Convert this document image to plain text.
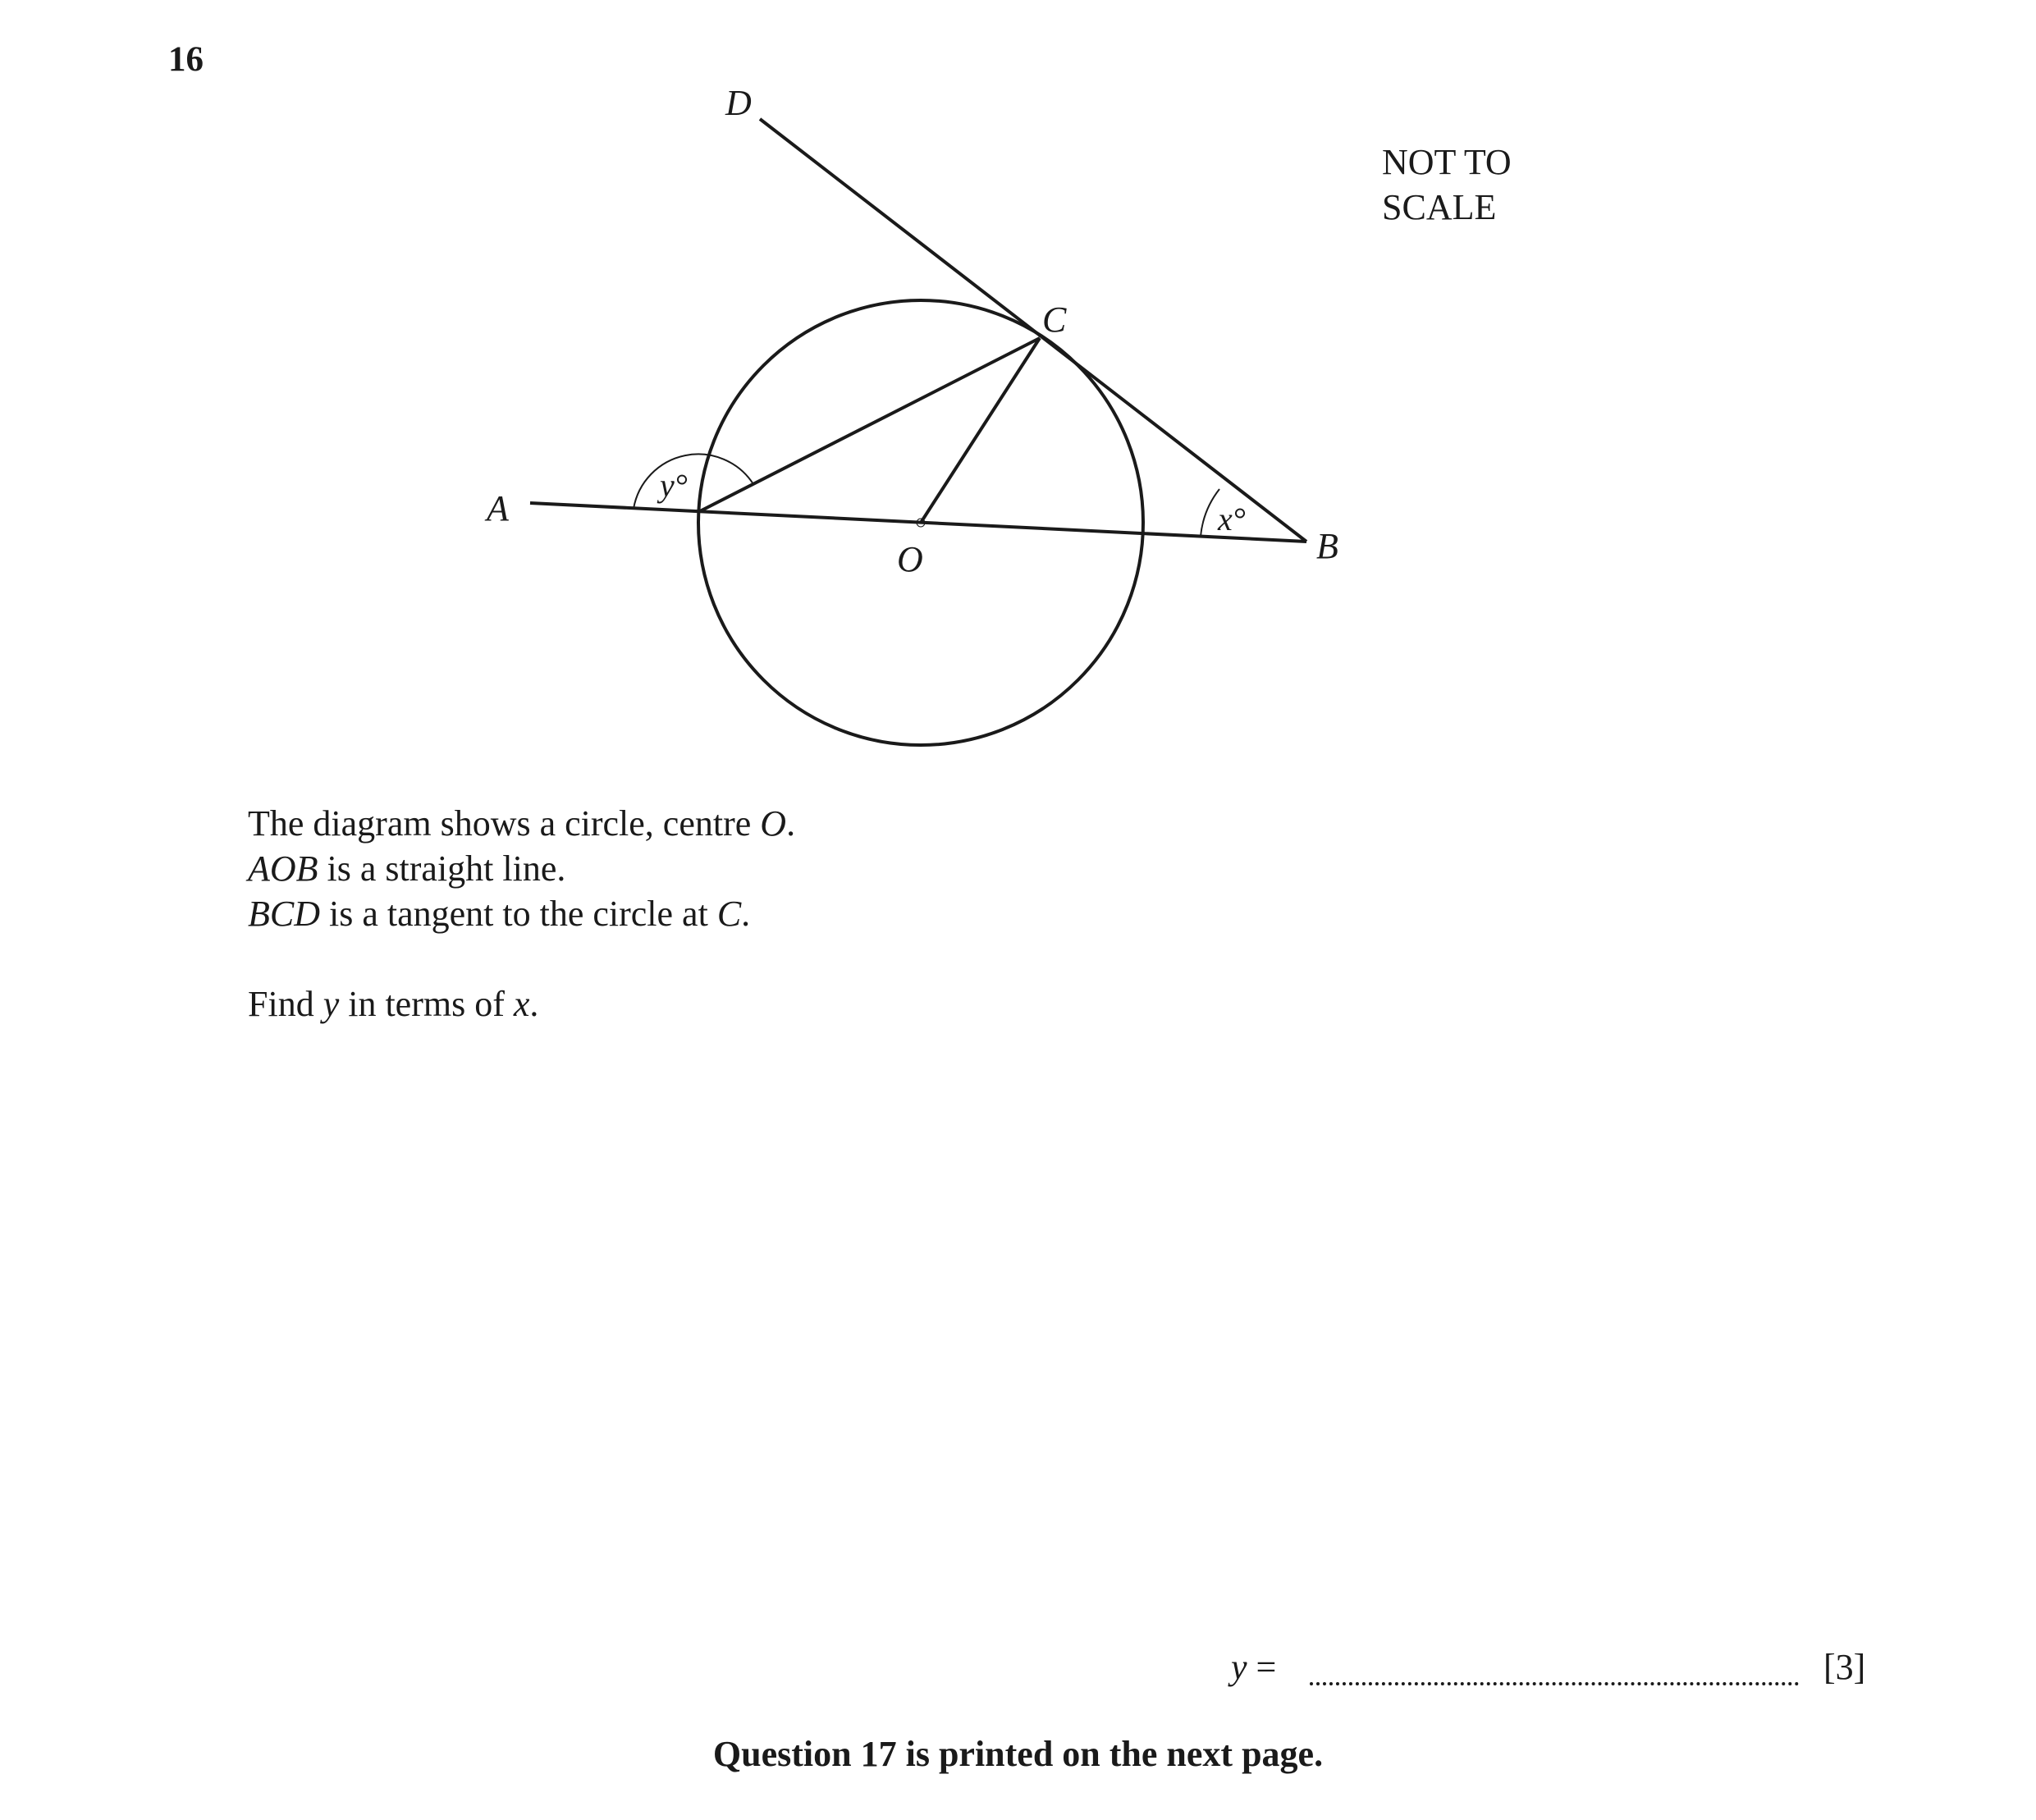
16
A
B
C
D
O
y°
x°
NOT TO
SCALE
The diagram shows a circle, centre O.
AOB is a straight line.
BCD is a tangent to the circle at C.
Find y in terms of x.
y =	[3]
Question 17 is printed on the next page.
